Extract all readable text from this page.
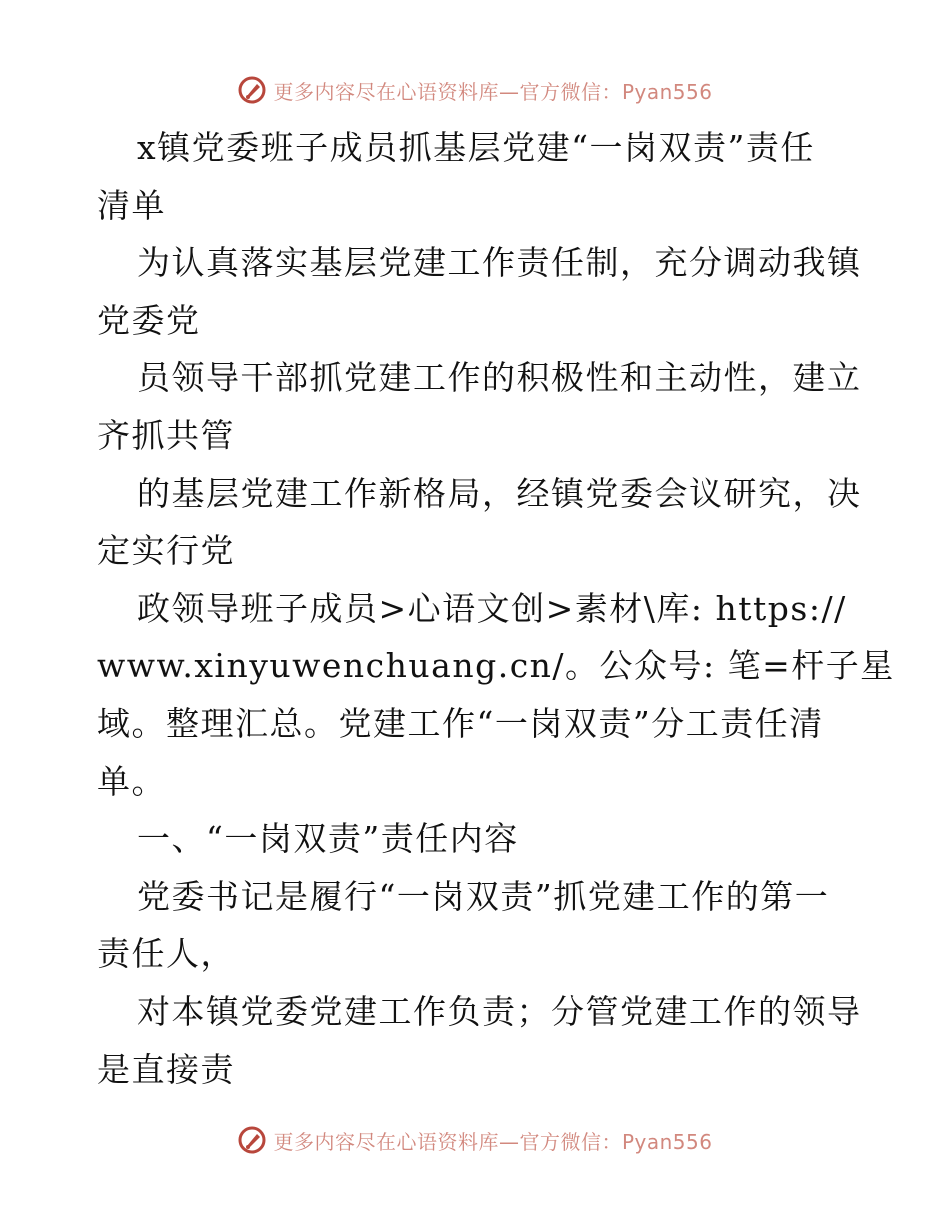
更多内容尽在心语资料库—官方微信：Pyan556
x镇党委班子成员抓基层党建“一岗双责”责任
清单
为认真落实基层党建工作责任制，充分调动我镇
党委党
员领导干部抓党建工作的积极性和主动性，建立
齐抓共管
的基层党建工作新格局，经镇党委会议研究，决
定实行党
政领导班子成员>心语文创>素材\库: https://
www.xinyuwenchuang.cn/。公众号: 笔=杆子星
域。整理汇总。党建工作“一岗双责”分工责任清
单。
一、“一岗双责”责任内容
党委书记是履行“一岗双责”抓党建工作的第一
责任人，
对本镇党委党建工作负责；分管党建工作的领导
是直接责
更多内容尽在心语资料库—官方微信：Pyan556
